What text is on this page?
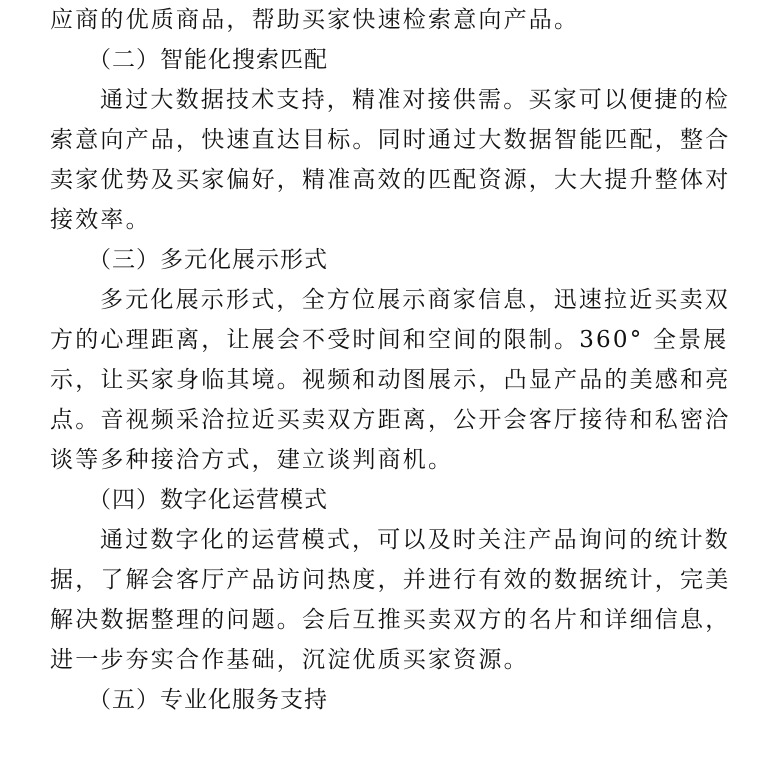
应商的优质商品，帮助买家快速检索意向产品。
（二）智能化搜索匹配
通过大数据技术支持，精准对接供需。买家可以便捷的检
索意向产品，快速直达目标。同时通过大数据智能匹配，整合
卖家优势及买家偏好，精准高效的匹配资源，大大提升整体对
接效率。
（三）多元化展示形式
多元化展示形式，全方位展示商家信息，迅速拉近买卖双
方的心理距离，让展会不受时间和空间的限制。360° 全景展
示，让买家身临其境。视频和动图展示，凸显产品的美感和亮
点。音视频采洽拉近买卖双方距离，公开会客厅接待和私密洽
谈等多种接洽方式，建立谈判商机。
（四）数字化运营模式
通过数字化的运营模式，可以及时关注产品询问的统计数
据，了解会客厅产品访问热度，并进行有效的数据统计，完美
解决数据整理的问题。会后互推买卖双方的名片和详细信息，
进一步夯实合作基础，沉淀优质买家资源。
（五）专业化服务支持
